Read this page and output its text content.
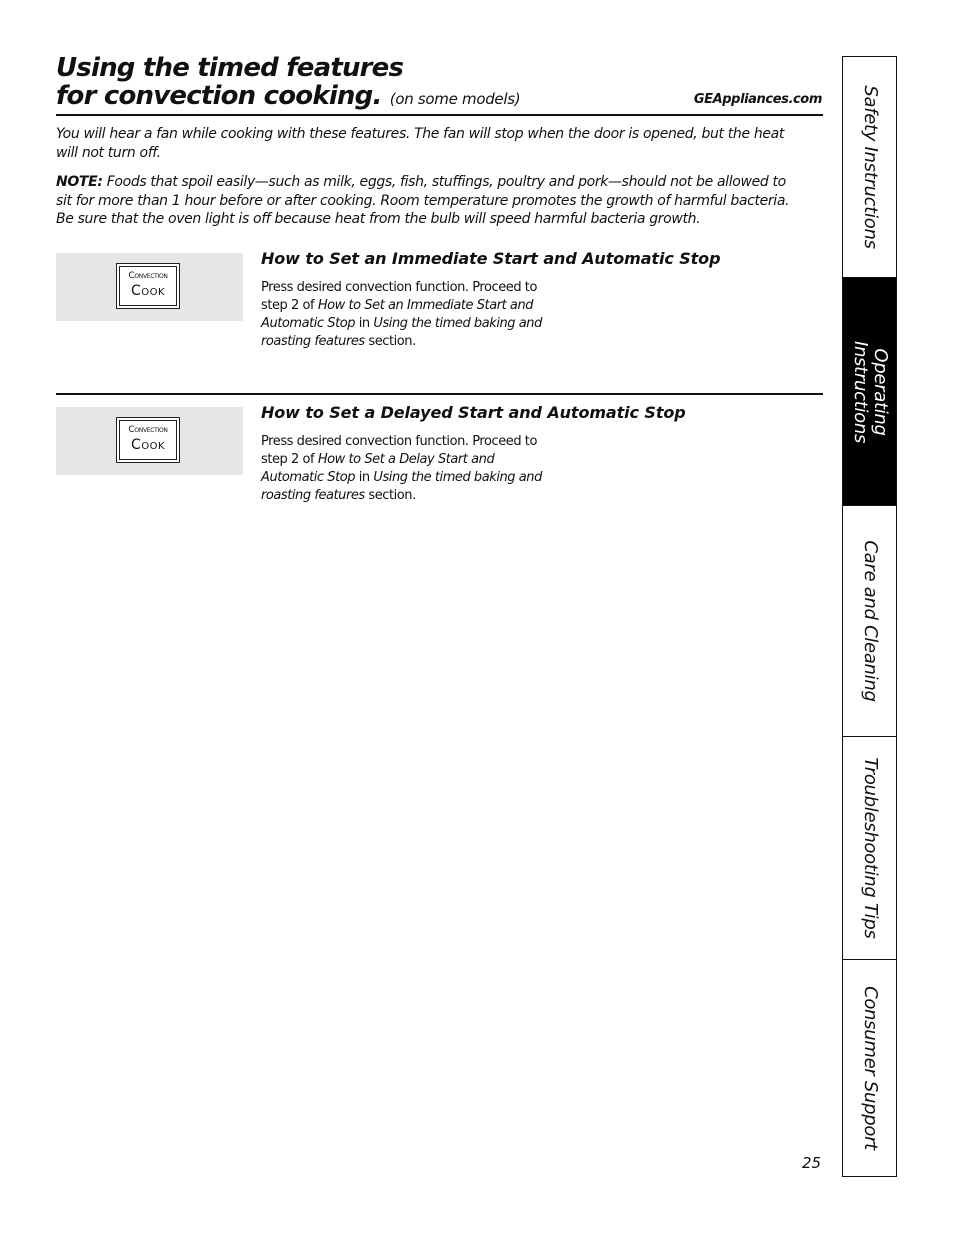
Using the timed features
for convection cooking. (on some models)	GEAppliances.com
You will hear a fan while cooking with these features. The fan will stop when the door is opened, but the heat will not turn off.
NOTE: Foods that spoil easily—such as milk, eggs, fish, stuffings, poultry and pork—should not be allowed to sit for more than 1 hour before or after cooking. Room temperature promotes the growth of harmful bacteria. Be sure that the oven light is off because heat from the bulb will speed harmful bacteria growth.
Convection
Cook
How to Set an Immediate Start and Automatic Stop
Press desired convection function. Proceed to step 2 of How to Set an Immediate Start and Automatic Stop in Using the timed baking and roasting features section.
Convection
Cook
How to Set a Delayed Start and Automatic Stop
Press desired convection function. Proceed to step 2 of How to Set a Delay Start and Automatic Stop in Using the timed baking and roasting features section.
25
Safety Instructions
Operating
Instructions
Care and Cleaning
Troubleshooting Tips
Consumer Support
